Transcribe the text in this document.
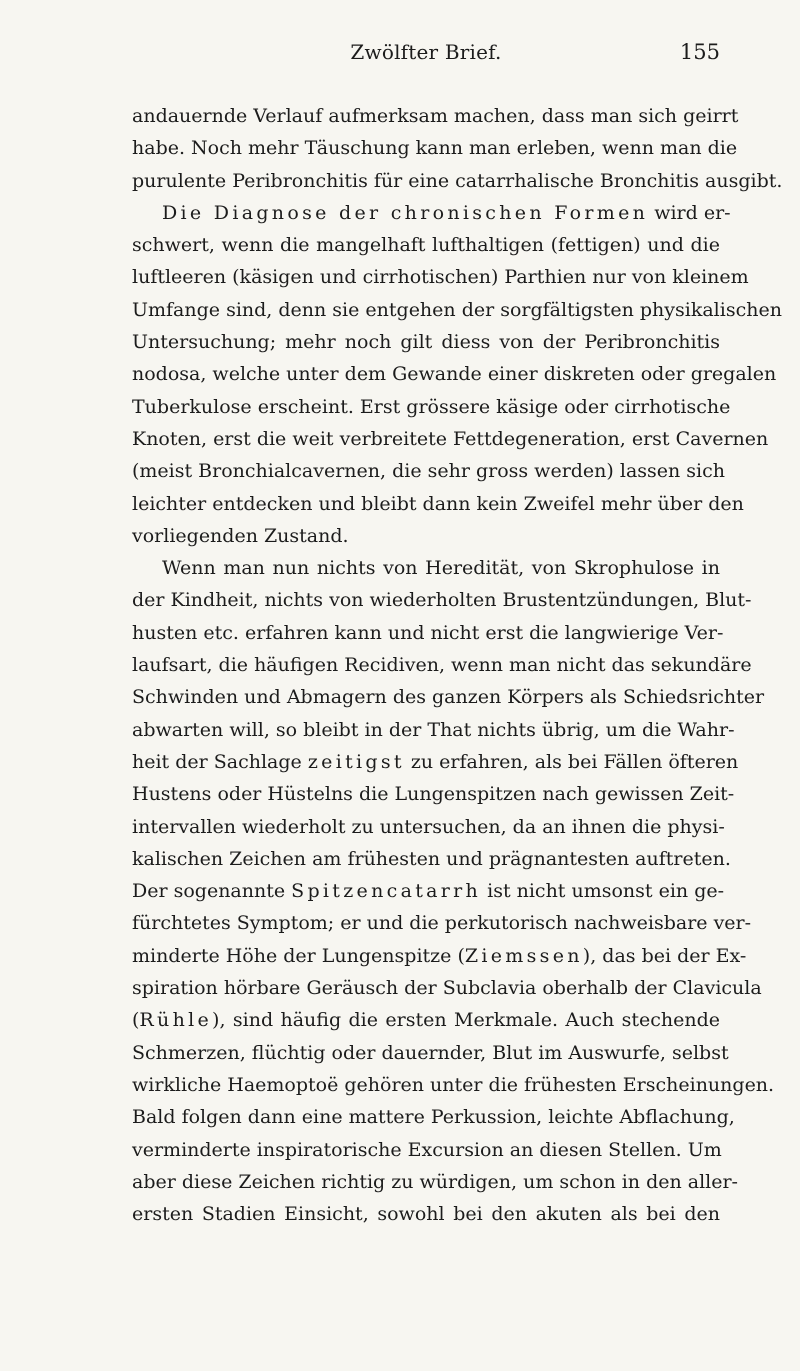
Zwölfter Brief.	155
andauernde Verlauf aufmerksam machen, dass man sich geirrt
habe. Noch mehr Täuschung kann man erleben, wenn man die
purulente Peribronchitis für eine catarrhalische Bronchitis ausgibt.
Die Diagnose der chronischen Formen wird er-
schwert, wenn die mangelhaft lufthaltigen (fettigen) und die
luftleeren (käsigen und cirrhotischen) Parthien nur von kleinem
Umfange sind, denn sie entgehen der sorgfältigsten physikalischen
Untersuchung; mehr noch gilt diess von der Peribronchitis
nodosa, welche unter dem Gewande einer diskreten oder gregalen
Tuberkulose erscheint. Erst grössere käsige oder cirrhotische
Knoten, erst die weit verbreitete Fettdegeneration, erst Cavernen
(meist Bronchialcavernen, die sehr gross werden) lassen sich
leichter entdecken und bleibt dann kein Zweifel mehr über den
vorliegenden Zustand.
Wenn man nun nichts von Heredität, von Skrophulose in
der Kindheit, nichts von wiederholten Brustentzündungen, Blut-
husten etc. erfahren kann und nicht erst die langwierige Ver-
laufsart, die häufigen Recidiven, wenn man nicht das sekundäre
Schwinden und Abmagern des ganzen Körpers als Schiedsrichter
abwarten will, so bleibt in der That nichts übrig, um die Wahr-
heit der Sachlage zeitigst zu erfahren, als bei Fällen öfteren
Hustens oder Hüstelns die Lungenspitzen nach gewissen Zeit-
intervallen wiederholt zu untersuchen, da an ihnen die physi-
kalischen Zeichen am frühesten und prägnantesten auftreten.
Der sogenannte Spitzencatarrh ist nicht umsonst ein ge-
fürchtetes Symptom; er und die perkutorisch nachweisbare ver-
minderte Höhe der Lungenspitze (Ziemssen), das bei der Ex-
spiration hörbare Geräusch der Subclavia oberhalb der Clavicula
(Rühle), sind häufig die ersten Merkmale. Auch stechende
Schmerzen, flüchtig oder dauernder, Blut im Auswurfe, selbst
wirkliche Haemoptoë gehören unter die frühesten Erscheinungen.
Bald folgen dann eine mattere Perkussion, leichte Abflachung,
verminderte inspiratorische Excursion an diesen Stellen. Um
aber diese Zeichen richtig zu würdigen, um schon in den aller-
ersten Stadien Einsicht, sowohl bei den akuten als bei den
